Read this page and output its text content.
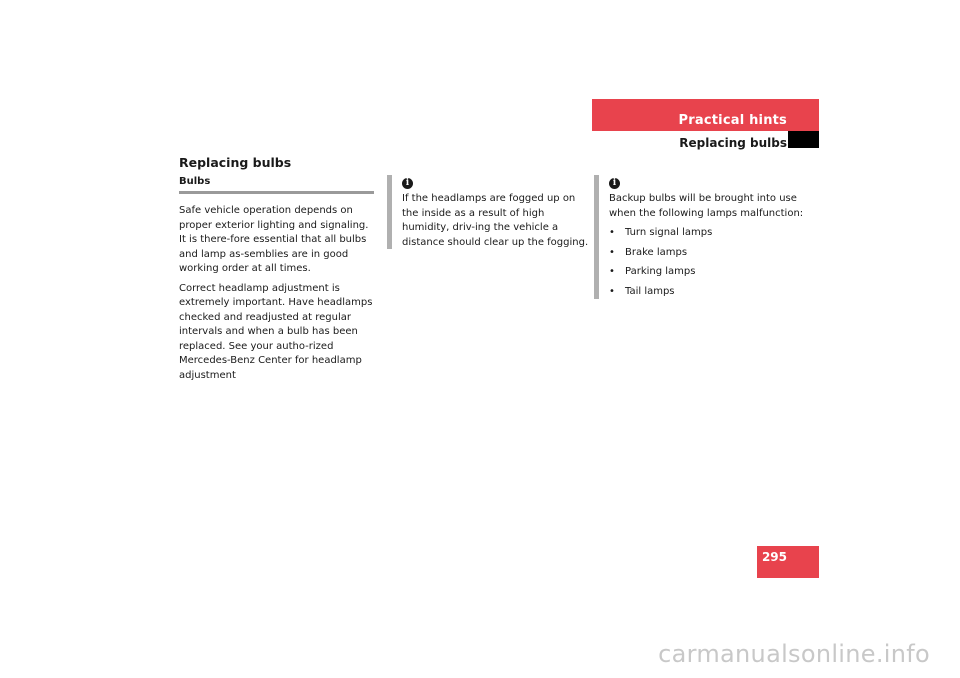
Practical hints
Replacing bulbs
Replacing bulbs
Bulbs

Safe vehicle operation depends on proper exterior lighting and signaling. It is there-fore essential that all bulbs and lamp as-semblies are in good working order at all times.

Correct headlamp adjustment is extremely important. Have headlamps checked and readjusted at regular intervals and when a bulb has been replaced. See your autho-rized Mercedes-Benz Center for headlamp adjustment

i

If the headlamps are fogged up on the inside as a result of high humidity, driv-ing the vehicle a distance should clear up the fogging.

i

Backup bulbs will be brought into use when the following lamps malfunction:

• Turn signal lamps
• Brake lamps
• Parking lamps
• Tail lamps
295
carmanualsonline.info
